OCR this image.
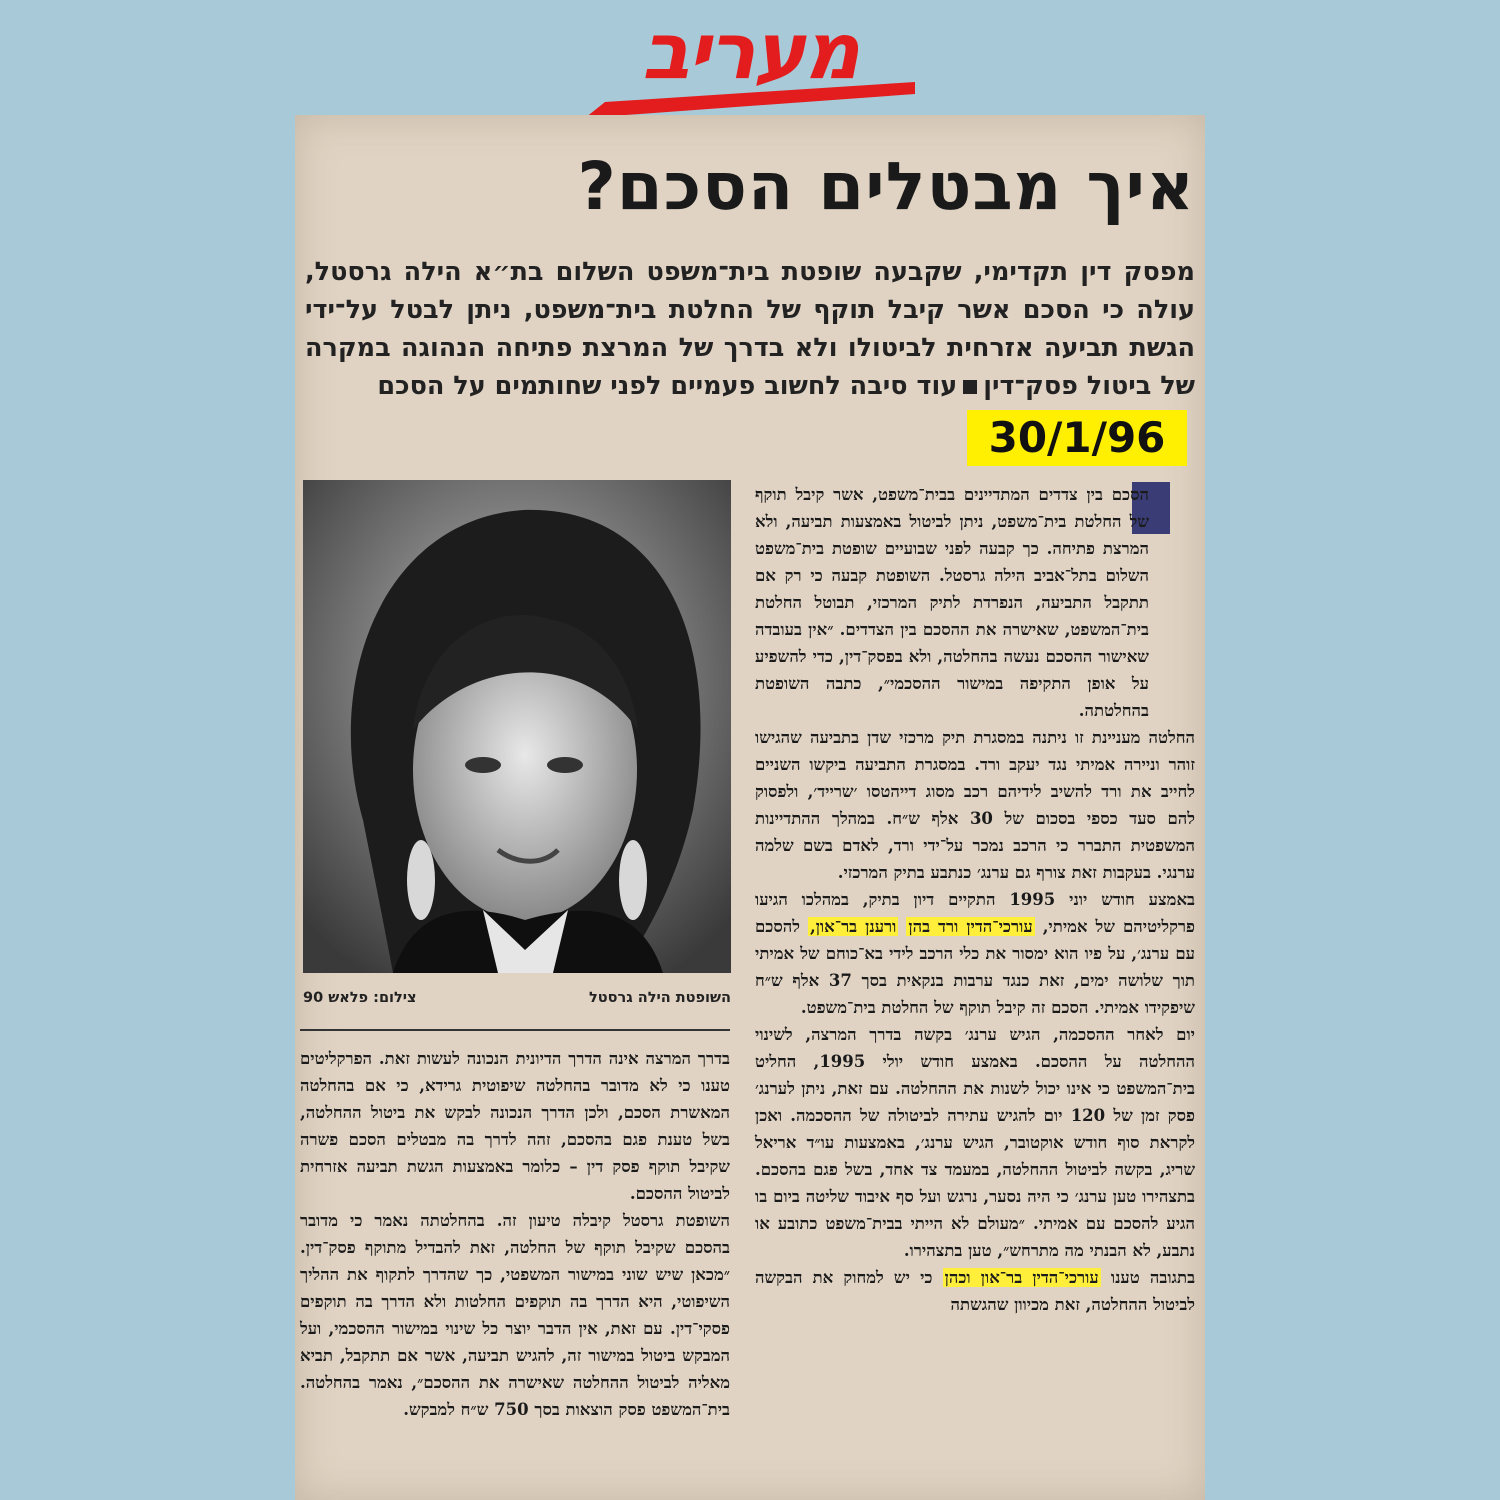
מעריב
איך מבטלים הסכם?
מפסק דין תקדימי, שקבעה שופטת בית־משפט השלום בת״א הילה גרסטל, עולה כי הסכם אשר קיבל תוקף של החלטת בית־משפט, ניתן לבטל על־ידי הגשת תביעה אזרחית לביטולו ולא בדרך של המרצת פתיחה הנהוגה במקרה של ביטול פסק־דיןעוד סיבה לחשוב פעמיים לפני שחותמים על הסכם
30/1/96

הסכם בין צדדים המתדיינים בבית־משפט, אשר קיבל תוקף של החלטת בית־משפט, ניתן לביטול באמצעות תביעה, ולא המרצת פתיחה. כך קבעה לפני שבועיים שופטת בית־משפט השלום בתל־אביב הילה גרסטל. השופטת קבעה כי רק אם תתקבל התביעה, הנפרדת לתיק המרכזי, תבוטל החלטת בית־המשפט, שאישרה את ההסכם בין הצדדים. ״אין בעובדה שאישור ההסכם נעשה בהחלטה, ולא בפסק־דין, כדי להשפיע על אופן התקיפה במישור ההסכמי״, כתבה השופטת בהחלטתה.

החלטה מעניינת זו ניתנה במסגרת תיק מרכזי שדן בתביעה שהגישו זוהר וניירה אמיתי נגד יעקב ורד. במסגרת התביעה ביקשו השניים לחייב את ורד להשיב לידיהם רכב מסוג דייהטסו ׳שרייד׳, ולפסוק להם סעד כספי בסכום של 30 אלף ש״ח. במהלך ההתדיינות המשפטית התברר כי הרכב נמכר על־ידי ורד, לאדם בשם שלמה ערנגי. בעקבות זאת צורף גם ערנג׳ כנתבע בתיק המרכזי.

באמצע חודש יוני 1995 התקיים דיון בתיק, במהלכו הגיעו פרקליטיהם של אמיתי, עורכי־הדין ורד בהן ורענן בר־און, להסכם עם ערנג׳, על פיו הוא ימסור את כלי הרכב לידי בא־כוחם של אמיתי תוך שלושה ימים, זאת כנגד ערבות בנקאית בסך 37 אלף ש״ח שיפקידו אמיתי. הסכם זה קיבל תוקף של החלטת בית־משפט.

יום לאחר ההסכמה, הגיש ערנג׳ בקשה בדרך המרצה, לשינוי ההחלטה על ההסכם. באמצע חודש יולי 1995, החליט בית־המשפט כי אינו יכול לשנות את ההחלטה. עם זאת, ניתן לערנג׳ פסק זמן של 120 יום להגיש עתירה לביטולה של ההסכמה. ואכן לקראת סוף חודש אוקטובר, הגיש ערנג׳, באמצעות עו״ד אריאל שריג, בקשה לביטול ההחלטה, במעמד צד אחד, בשל פגם בהסכם. בתצהירו טען ערנג׳ כי היה נסער, נרגש ועל סף איבוד שליטה ביום בו הגיע להסכם עם אמיתי. ״מעולם לא הייתי בבית־משפט כתובע או נתבע, לא הבנתי מה מתרחש״, טען בתצהירו.

בתגובה טענו עורכי־הדין בר־און וכהן כי יש למחוק את הבקשה לביטול ההחלטה, זאת מכיוון שהגשתה

השופטת הילה גרסטל
צילום: פלאש 90

בדרך המרצה אינה הדרך הדיונית הנכונה לעשות זאת. הפרקליטים טענו כי לא מדובר בהחלטה שיפוטית גרידא, כי אם בהחלטה המאשרת הסכם, ולכן הדרך הנכונה לבקש את ביטול ההחלטה, בשל טענת פגם בהסכם, זהה לדרך בה מבטלים הסכם פשרה שקיבל תוקף פסק דין – כלומר באמצעות הגשת תביעה אזרחית לביטול ההסכם.

השופטת גרסטל קיבלה טיעון זה. בהחלטתה נאמר כי מדובר בהסכם שקיבל תוקף של החלטה, זאת להבדיל מתוקף פסק־דין. ״מכאן שיש שוני במישור המשפטי, כך שהדרך לתקוף את ההליך השיפוטי, היא הדרך בה תוקפים החלטות ולא הדרך בה תוקפים פסקי־דין. עם זאת, אין הדבר יוצר כל שינוי במישור ההסכמי, ועל המבקש ביטול במישור זה, להגיש תביעה, אשר אם תתקבל, תביא מאליה לביטול ההחלטה שאישרה את ההסכם״, נאמר בהחלטה. בית־המשפט פסק הוצאות בסך 750 ש״ח למבקש.
